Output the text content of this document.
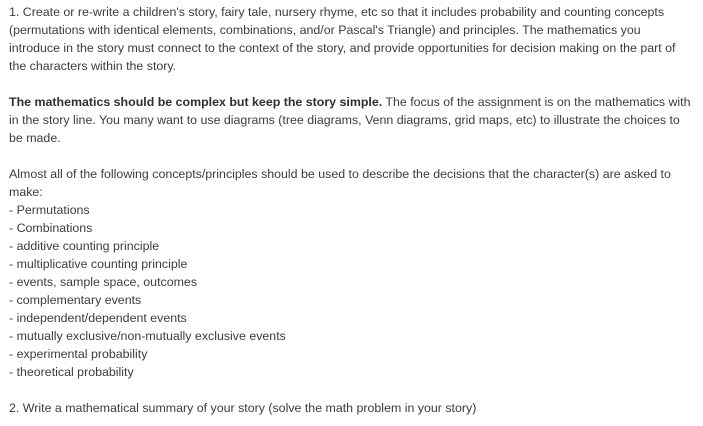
1. Create or re-write a children's story, fairy tale, nursery rhyme, etc so that it includes probability and counting concepts (permutations with identical elements, combinations, and/or Pascal's Triangle) and principles. The mathematics you introduce in the story must connect to the context of the story, and provide opportunities for decision making on the part of the characters within the story.

The mathematics should be complex but keep the story simple. The focus of the assignment is on the mathematics with in the story line. You many want to use diagrams (tree diagrams, Venn diagrams, grid maps, etc) to illustrate the choices to be made.

Almost all of the following concepts/principles should be used to describe the decisions that the character(s) are asked to make:

- Permutations
- Combinations
- additive counting principle
- multiplicative counting principle
- events, sample space, outcomes
- complementary events
- independent/dependent events
- mutually exclusive/non-mutually exclusive events
- experimental probability
- theoretical probability

2. Write a mathematical summary of your story (solve the math problem in your story)
